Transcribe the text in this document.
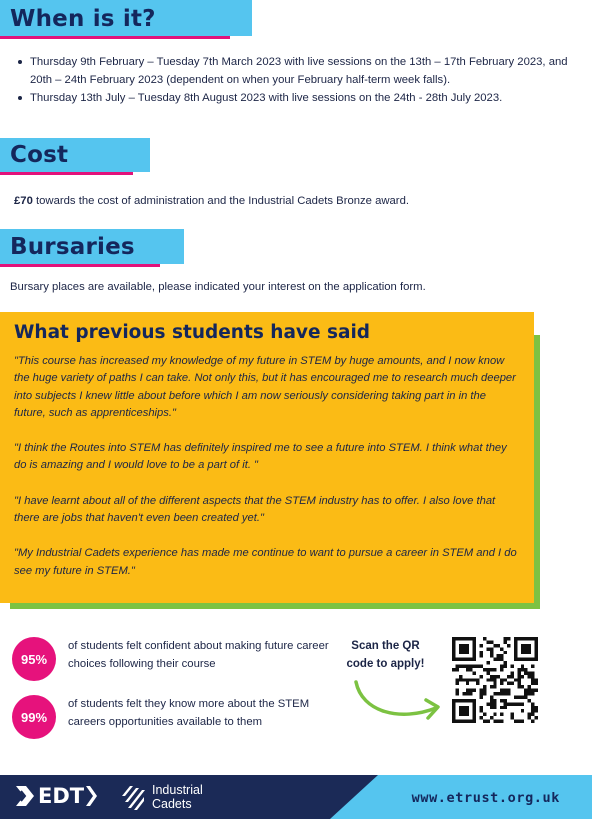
When is it?
Thursday 9th February – Tuesday 7th March 2023 with live sessions on the 13th – 17th February 2023, and 20th – 24th February 2023 (dependent on when your February half-term week falls).
Thursday 13th July – Tuesday 8th August 2023 with live sessions on the 24th - 28th July 2023.
Cost

£70 towards the cost of administration and the Industrial Cadets Bronze award.

Bursaries

Bursary places are available, please indicated your interest on the application form.

What previous students have said

"This course has increased my knowledge of my future in STEM by huge amounts, and I now know the huge variety of paths I can take. Not only this, but it has encouraged me to research much deeper into subjects I knew little about before which I am now seriously considering taking part in in the future, such as apprenticeships."

"I think the Routes into STEM has definitely inspired me to see a future into STEM. I think what they do is amazing and I would love to be a part of it. "

"I have learnt about all of the different aspects that the STEM industry has to offer. I also love that there are jobs that haven't even been created yet."

"My Industrial Cadets experience has made me continue to want to pursue a career in STEM and I do see my future in STEM."

95%

of students felt confident about making future career choices following their course

99%

of students felt they know more about the STEM careers opportunities available to them

Scan the QR code to apply!

EDT	Industrial
Cadets	www.etrust.org.uk
